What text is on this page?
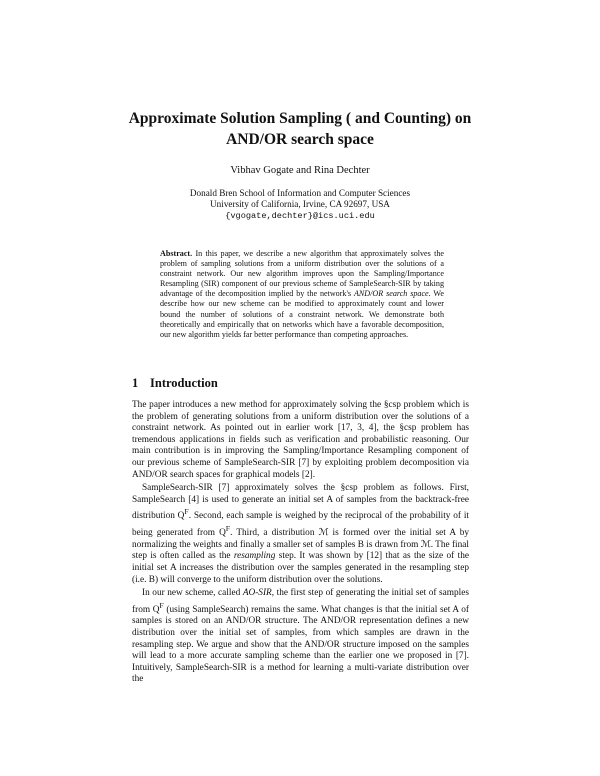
Approximate Solution Sampling ( and Counting) on
AND/OR search space
Vibhav Gogate and Rina Dechter
Donald Bren School of Information and Computer Sciences
University of California, Irvine, CA 92697, USA
{vgogate,dechter}@ics.uci.edu
Abstract. In this paper, we describe a new algorithm that approximately solves the problem of sampling solutions from a uniform distribution over the solutions of a constraint network. Our new algorithm improves upon the Sampling/Importance Resampling (SIR) component of our previous scheme of SampleSearch-SIR by taking advantage of the decomposition implied by the network's AND/OR search space. We describe how our new scheme can be modified to approximately count and lower bound the number of solutions of a constraint network. We demonstrate both theoretically and empirically that on networks which have a favorable decomposition, our new algorithm yields far better performance than competing approaches.
1 Introduction

The paper introduces a new method for approximately solving the §csp problem which is the problem of generating solutions from a uniform distribution over the solutions of a constraint network. As pointed out in earlier work [17, 3, 4], the §csp problem has tremendous applications in fields such as verification and probabilistic reasoning. Our main contribution is in improving the Sampling/Importance Resampling component of our previous scheme of SampleSearch-SIR [7] by exploiting problem decomposition via AND/OR search spaces for graphical models [2].

SampleSearch-SIR [7] approximately solves the §csp problem as follows. First, SampleSearch [4] is used to generate an initial set A of samples from the backtrack-free distribution $Q^F$. Second, each sample is weighed by the reciprocal of the probability of it being generated from $Q^F$. Third, a distribution ℳ is formed over the initial set A by normalizing the weights and finally a smaller set of samples B is drawn from ℳ. The final step is often called as the resampling step. It was shown by [12] that as the size of the initial set A increases the distribution over the samples generated in the resampling step (i.e. B) will converge to the uniform distribution over the solutions.

In our new scheme, called AO-SIR, the first step of generating the initial set of samples from $Q^F$ (using SampleSearch) remains the same. What changes is that the initial set A of samples is stored on an AND/OR structure. The AND/OR representation defines a new distribution over the initial set of samples, from which samples are drawn in the resampling step. We argue and show that the AND/OR structure imposed on the samples will lead to a more accurate sampling scheme than the earlier one we proposed in [7]. Intuitively, SampleSearch-SIR is a method for learning a multi-variate distribution over the
